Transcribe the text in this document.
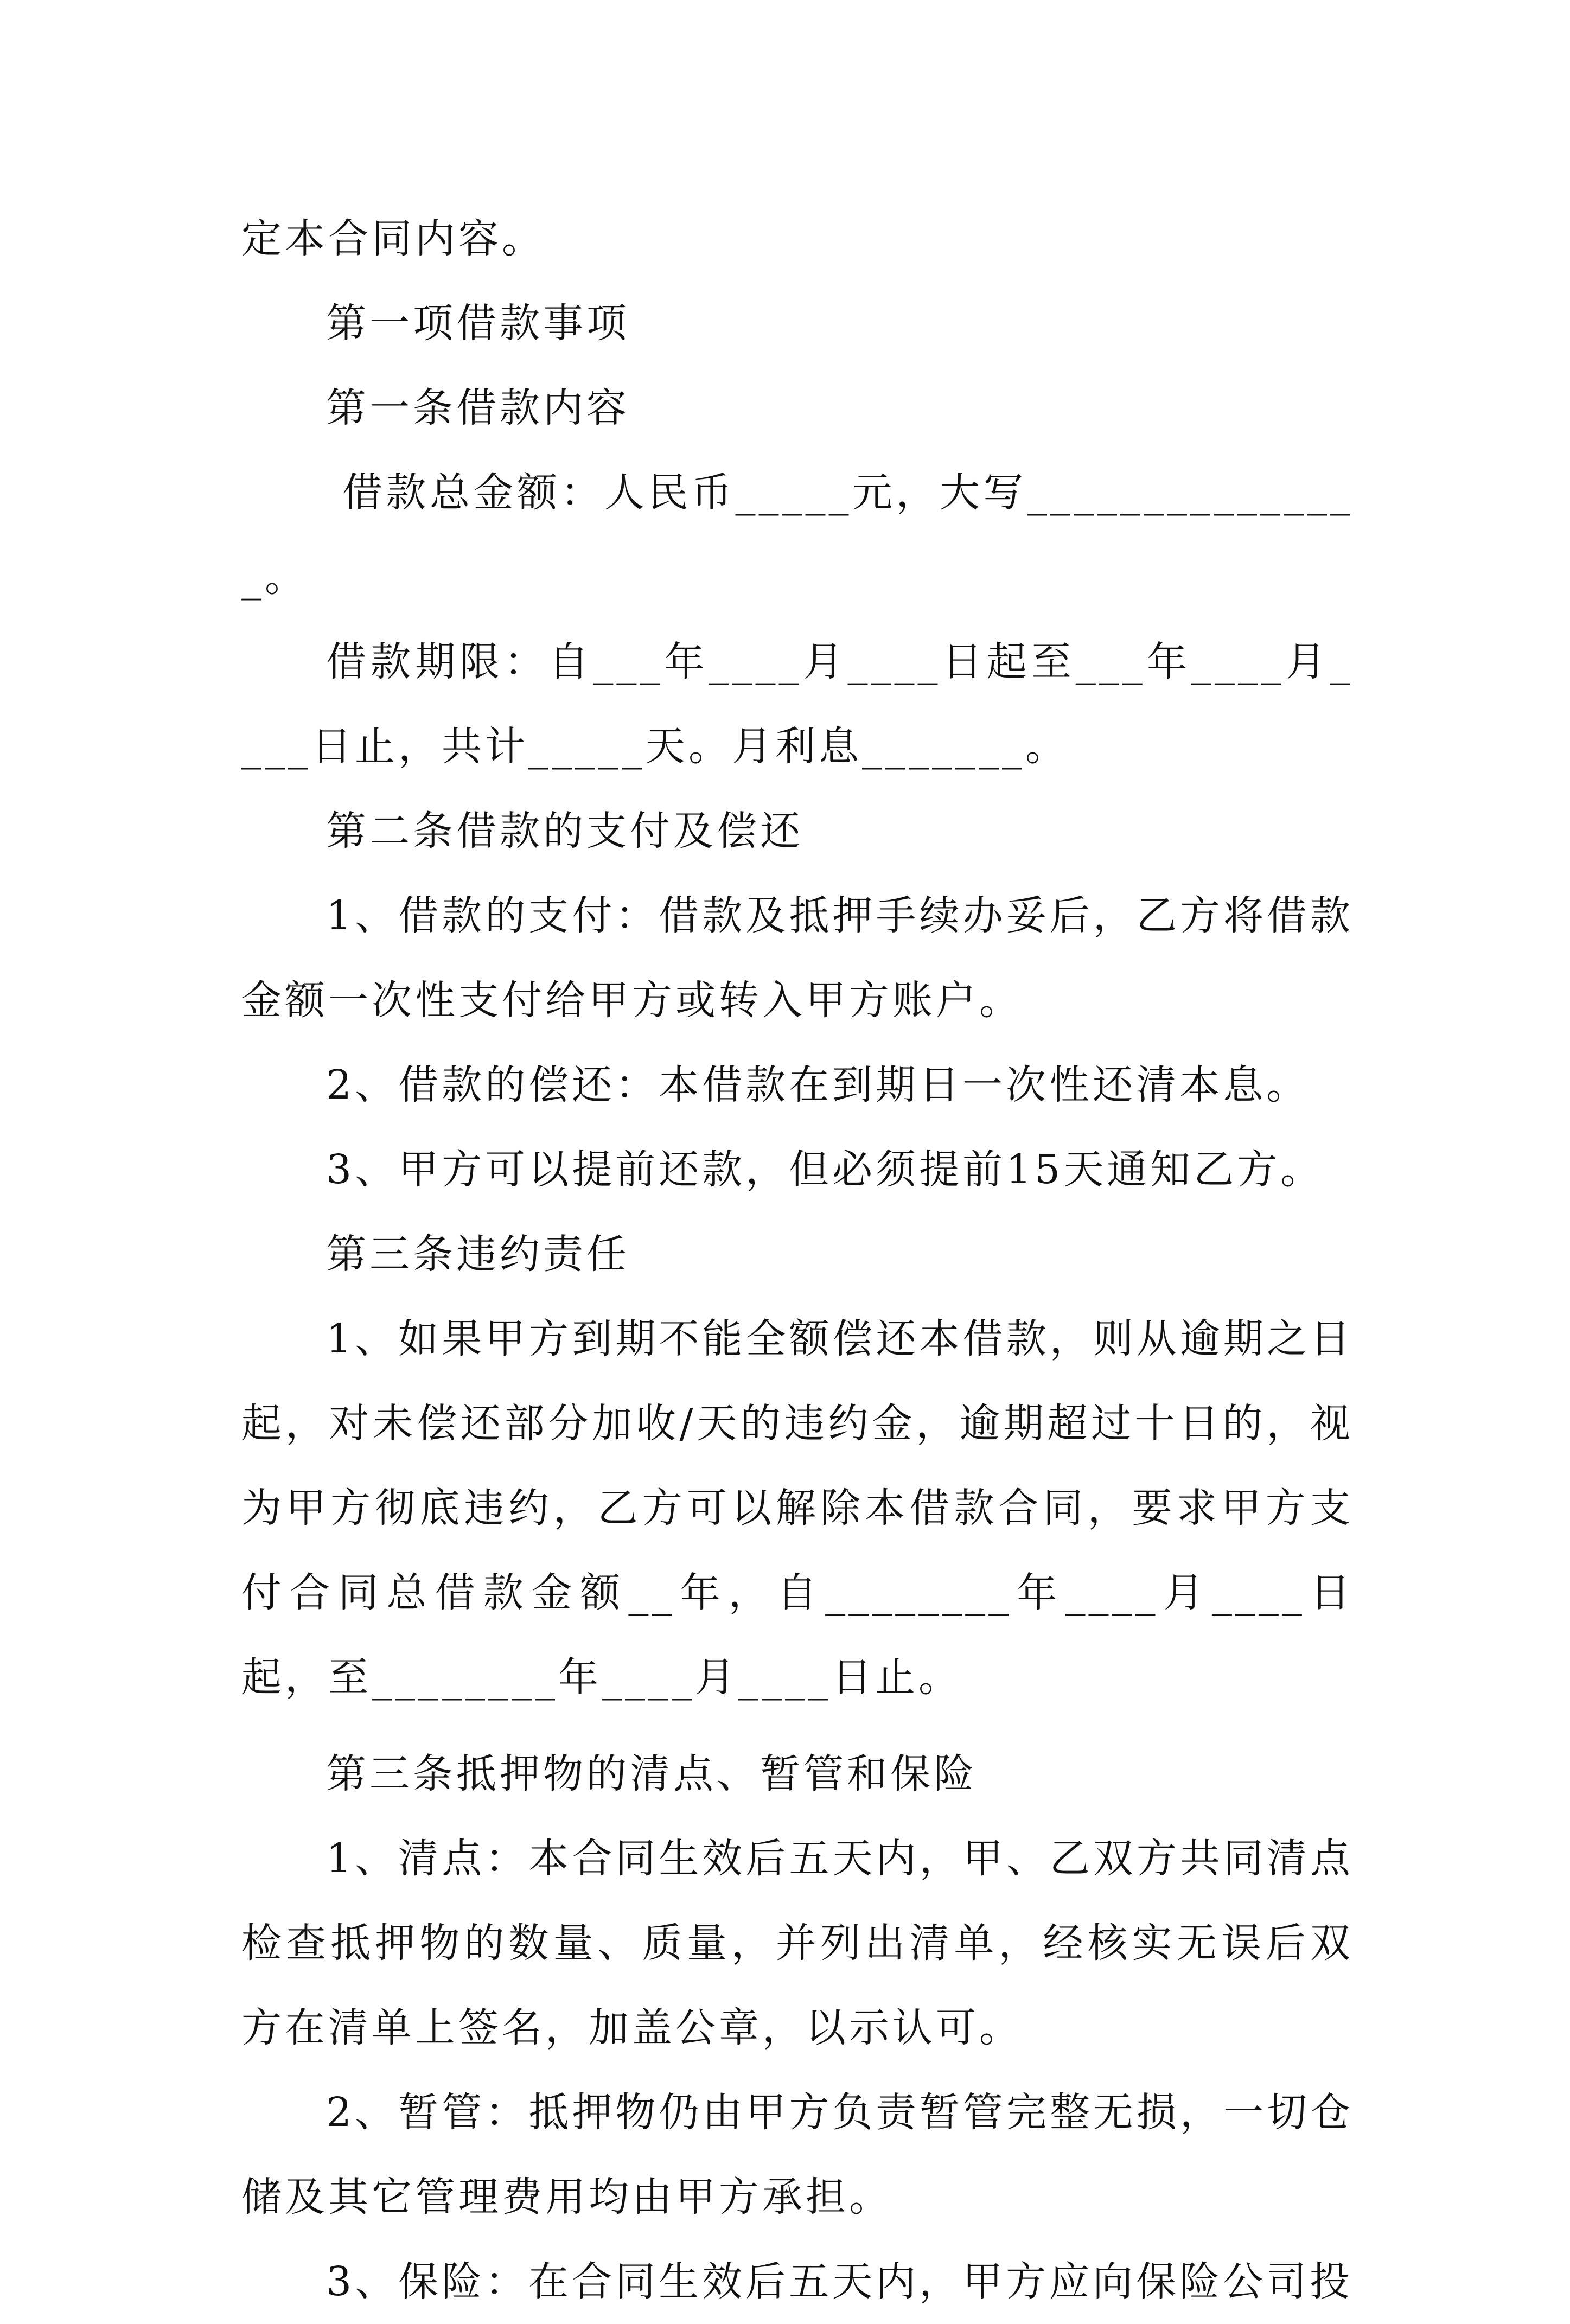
定本合同内容。

第一项借款事项

第一条借款内容

借款总金额：人民币_____元，大写_______________。

借款期限：自___年____月____日起至___年____月____日止，共计_____天。月利息_______。

第二条借款的支付及偿还

1、借款的支付：借款及抵押手续办妥后，乙方将借款金额一次性支付给甲方或转入甲方账户。

2、借款的偿还：本借款在到期日一次性还清本息。

3、甲方可以提前还款，但必须提前15天通知乙方。

第三条违约责任

1、如果甲方到期不能全额偿还本借款，则从逾期之日起，对未偿还部分加收/天的违约金，逾期超过十日的，视为甲方彻底违约，乙方可以解除本借款合同，要求甲方支付合同总借款金额__年，自________年____月____日起，至________年____月____日止。

第三条抵押物的清点、暂管和保险

1、清点：本合同生效后五天内，甲、乙双方共同清点检查抵押物的数量、质量，并列出清单，经核实无误后双方在清单上签名，加盖公章，以示认可。

2、暂管：抵押物仍由甲方负责暂管完整无损，一切仓储及其它管理费用均由甲方承担。

3、保险：在合同生效后五天内，甲方应向保险公司投
